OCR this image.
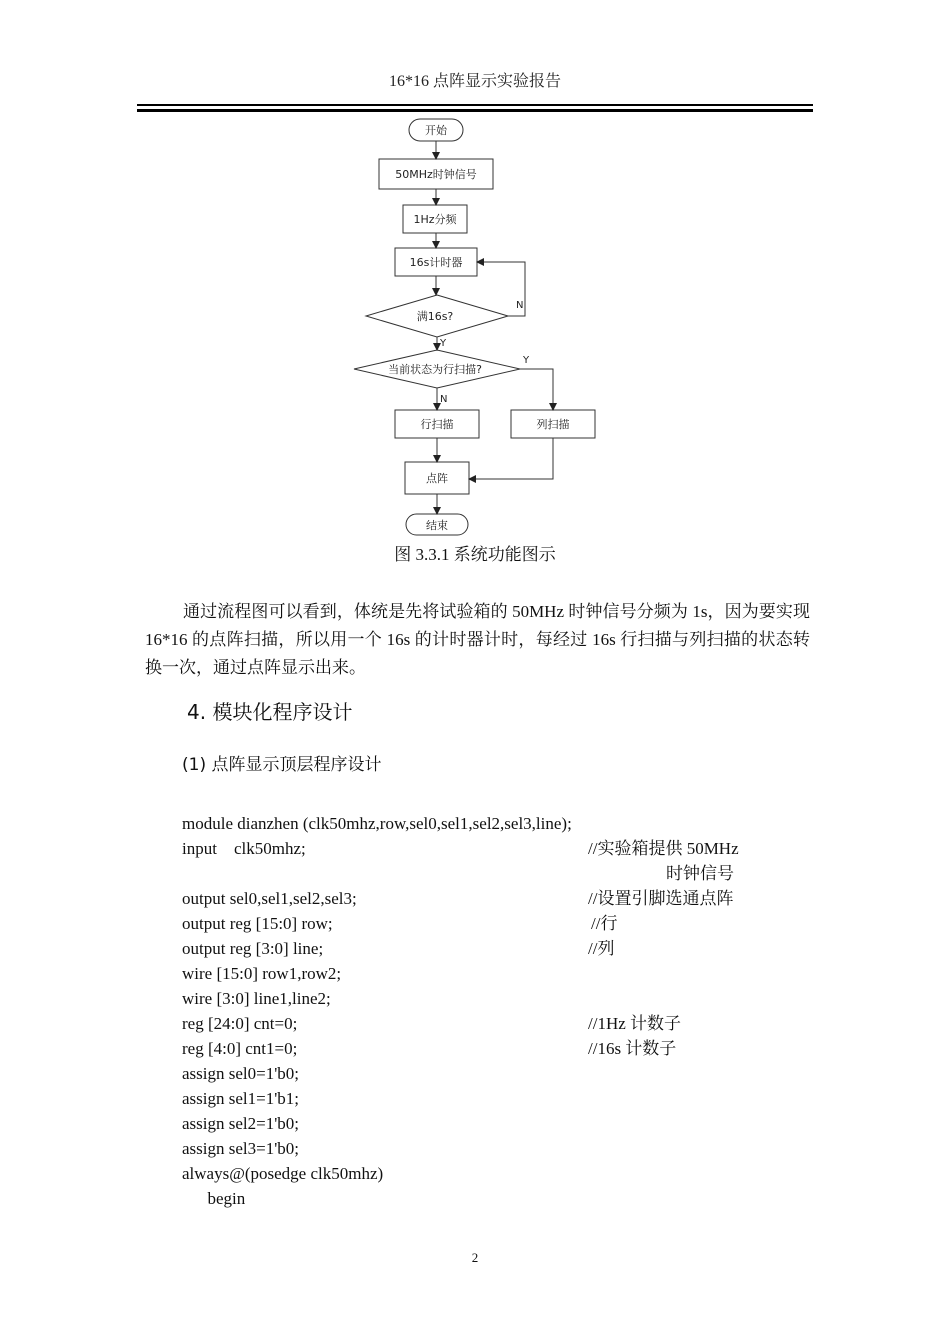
16*16 点阵显示实验报告
开始
50MHz时钟信号
1Hz分频
16s计时器
满16s?
当前状态为行扫描?
行扫描	列扫描
点阵
结束
N
Y
Y
N
图 3.3.1 系统功能图示
通过流程图可以看到，体统是先将试验箱的 50MHz 时钟信号分频为 1s，因为要实现 16*16 的点阵扫描，所以用一个 16s 的计时器计时，每经过 16s 行扫描与列扫描的状态转换一次，通过点阵显示出来。
4. 模块化程序设计
(1) 点阵显示顶层程序设计
module dianzhen (clk50mhz,row,sel0,sel1,sel2,sel3,line);
input    clk50mhz;
output sel0,sel1,sel2,sel3;
output reg [15:0] row;
output reg [3:0] line;
wire [15:0] row1,row2;
wire [3:0] line1,line2;
reg [24:0] cnt=0;
reg [4:0] cnt1=0;
assign sel0=1'b0;
assign sel1=1'b1;
assign sel2=1'b0;
assign sel3=1'b0;
always@(posedge clk50mhz)
begin
//实验箱提供 50MHz
时钟信号
//设置引脚选通点阵
//行
//列
//1Hz 计数子
//16s 计数子
2
